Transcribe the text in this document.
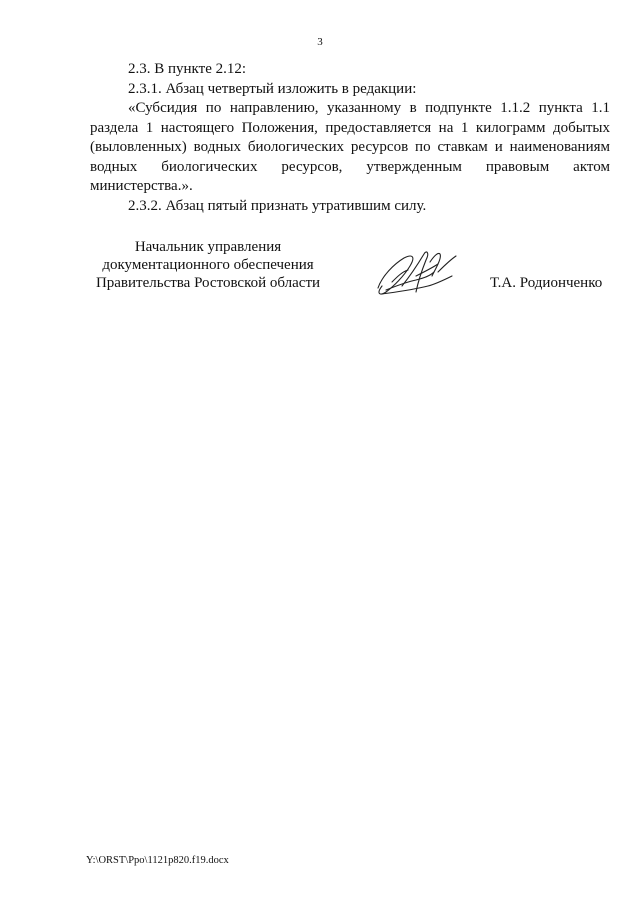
3

2.3. В пункте 2.12:

2.3.1. Абзац четвертый изложить в редакции:

«Субсидия по направлению, указанному в подпункте 1.1.2 пункта 1.1 раздела 1 настоящего Положения, предоставляется на 1 килограмм добытых (выловленных) водных биологических ресурсов по ставкам и наименованиям водных биологических ресурсов, утвержденным правовым актом министерства.».

2.3.2. Абзац пятый признать утратившим силу.

Начальник управления
документационного обеспечения
Правительства Ростовской области	Т.А. Родионченко
Y:\ORST\Ppo\1121p820.f19.docx
